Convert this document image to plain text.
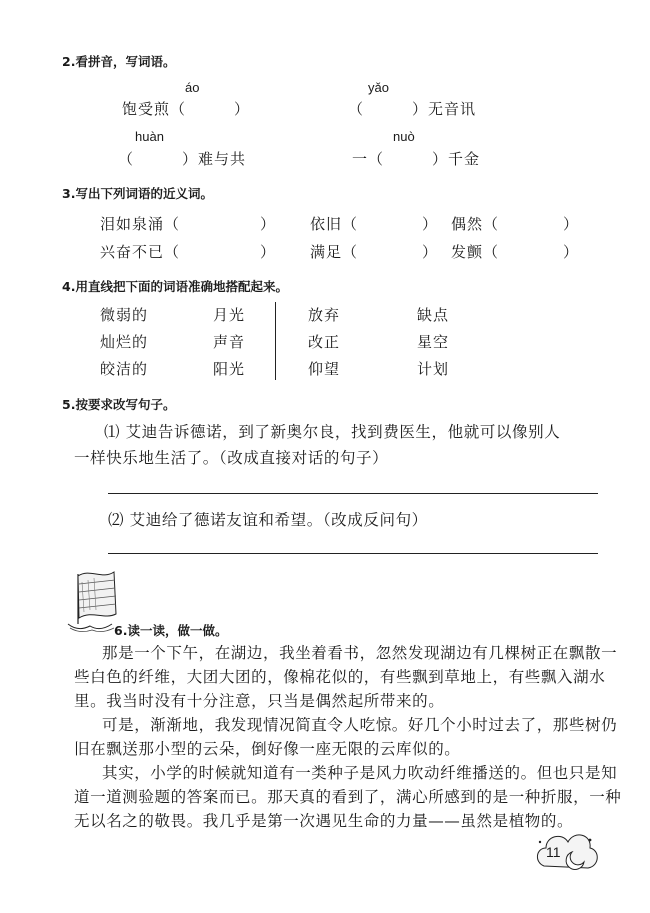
2.看拼音，写词语。
áo
饱受煎（　　　）
yǎo
（　　　）无音讯
huàn
（　　　）难与共
nuò
一（　　　）千金
3.写出下列词语的近义词。
泪如泉涌（　　　　　） 依旧（　　　　） 偶然（　　　　）
兴奋不已（　　　　　） 满足（　　　　） 发颤（　　　　）
4.用直线把下面的词语准确地搭配起来。
微弱的
灿烂的
皎洁的
月光
声音
阳光
放弃
改正
仰望
缺点
星空
计划
5.按要求改写句子。
⑴ 艾迪告诉德诺，到了新奥尔良，找到费医生，他就可以像别人
一样快乐地生活了。（改成直接对话的句子）
⑵ 艾迪给了德诺友谊和希望。（改成反问句）
6.读一读，做一做。
那是一个下午，在湖边，我坐着看书，忽然发现湖边有几棵树正在飘散一
些白色的纤维，大团大团的，像棉花似的，有些飘到草地上，有些飘入湖水
里。我当时没有十分注意，只当是偶然起所带来的。
可是，渐渐地，我发现情况简直令人吃惊。好几个小时过去了，那些树仍
旧在飘送那小型的云朵，倒好像一座无限的云库似的。
其实，小学的时候就知道有一类种子是风力吹动纤维播送的。但也只是知
道一道测验题的答案而已。那天真的看到了，满心所感到的是一种折服，一种
无以名之的敬畏。我几乎是第一次遇见生命的力量——虽然是植物的。
11
